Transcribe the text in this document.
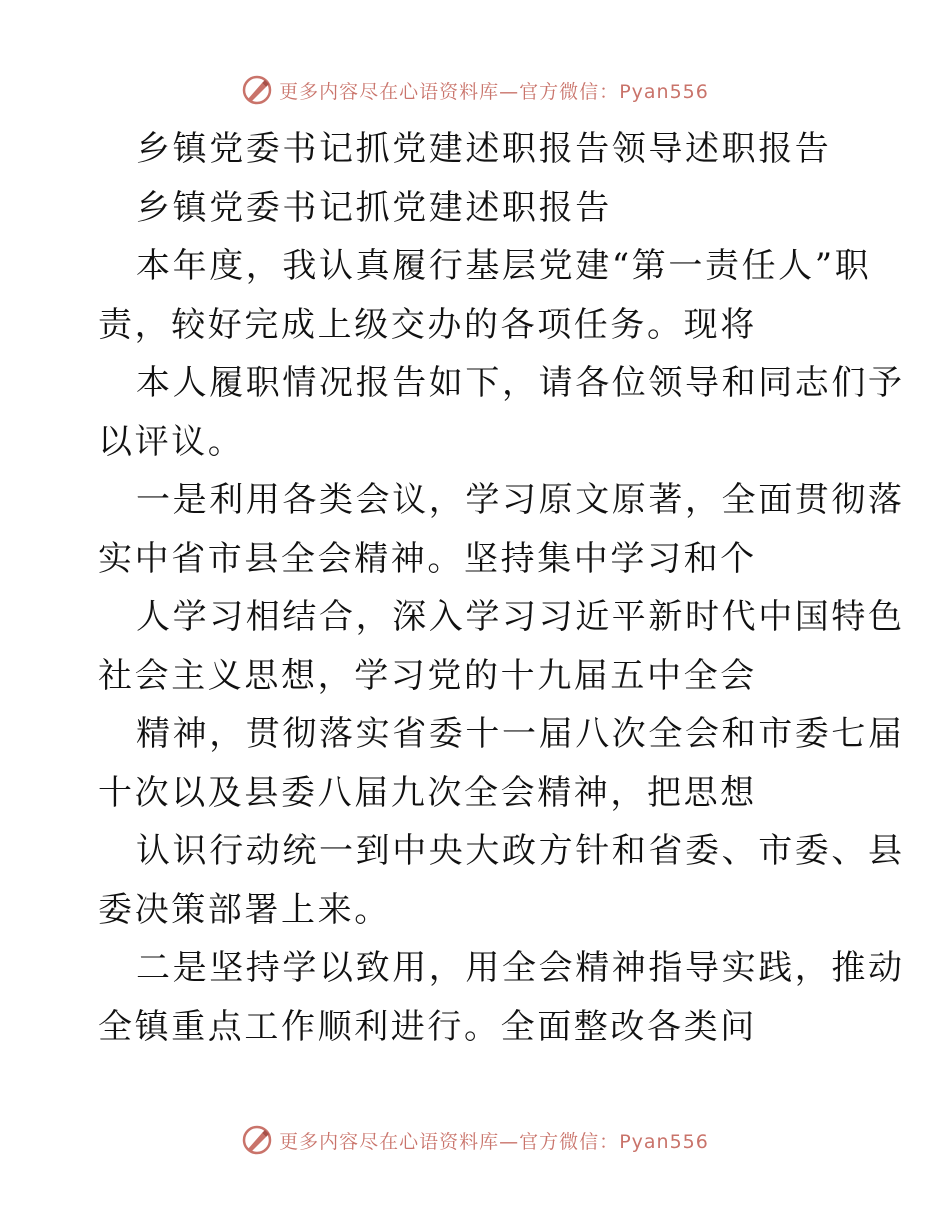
更多内容尽在心语资料库—官方微信：Pyan556
乡镇党委书记抓党建述职报告领导述职报告
乡镇党委书记抓党建述职报告
本年度，我认真履行基层党建“第一责任人”职
责，较好完成上级交办的各项任务。现将
本人履职情况报告如下，请各位领导和同志们予
以评议。
一是利用各类会议，学习原文原著，全面贯彻落
实中省市县全会精神。坚持集中学习和个
人学习相结合，深入学习习近平新时代中国特色
社会主义思想，学习党的十九届五中全会
精神，贯彻落实省委十一届八次全会和市委七届
十次以及县委八届九次全会精神，把思想
认识行动统一到中央大政方针和省委、市委、县
委决策部署上来。
二是坚持学以致用，用全会精神指导实践，推动
全镇重点工作顺利进行。全面整改各类问
更多内容尽在心语资料库—官方微信：Pyan556
